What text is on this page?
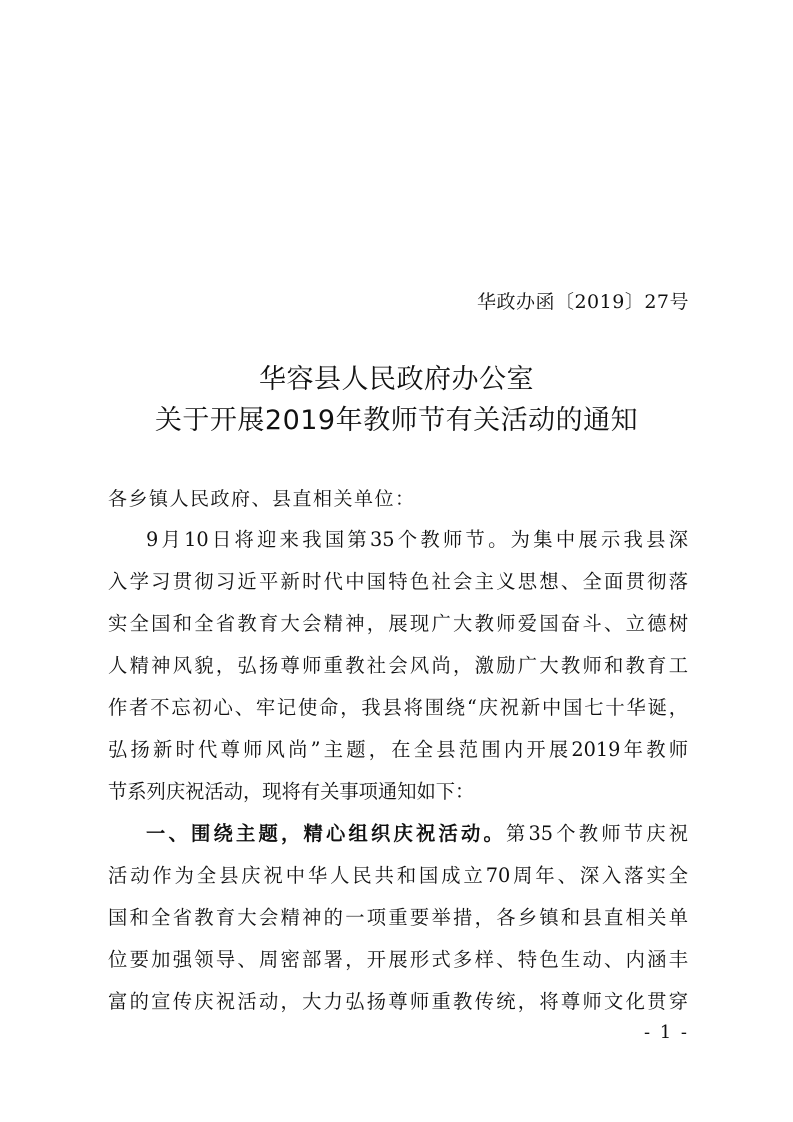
华政办函〔2019〕27号
华容县人民政府办公室
关于开展2019年教师节有关活动的通知
各乡镇人民政府、县直相关单位：
9月10日将迎来我国第35个教师节。为集中展示我县深
入学习贯彻习近平新时代中国特色社会主义思想、全面贯彻落
实全国和全省教育大会精神，展现广大教师爱国奋斗、立德树
人精神风貌，弘扬尊师重教社会风尚，激励广大教师和教育工
作者不忘初心、牢记使命，我县将围绕“庆祝新中国七十华诞，
弘扬新时代尊师风尚”主题，在全县范围内开展2019年教师
节系列庆祝活动，现将有关事项通知如下：
一、围绕主题，精心组织庆祝活动。第35个教师节庆祝
活动作为全县庆祝中华人民共和国成立70周年、深入落实全
国和全省教育大会精神的一项重要举措，各乡镇和县直相关单
位要加强领导、周密部署，开展形式多样、特色生动、内涵丰
富的宣传庆祝活动，大力弘扬尊师重教传统，将尊师文化贯穿
- 1 -
